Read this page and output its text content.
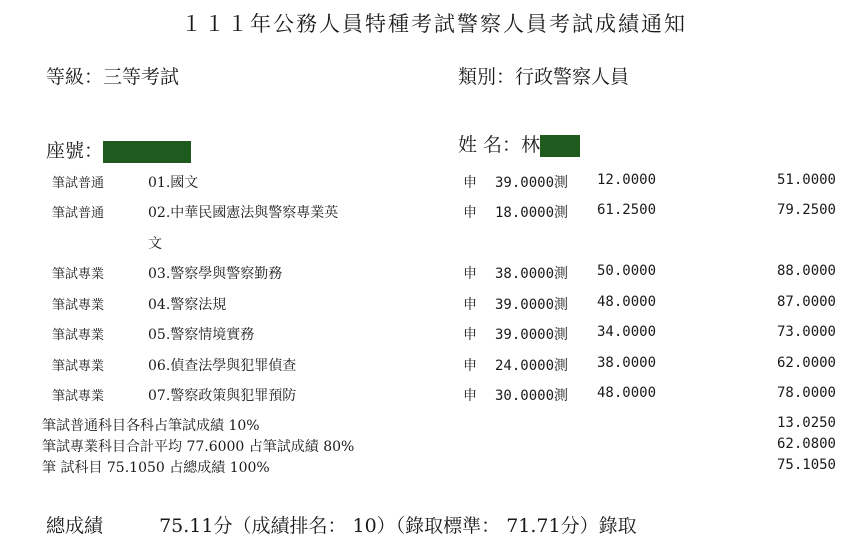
１１１年公務人員特種考試警察人員考試成績通知
等級：三等考試	類別：行政警察人員
座號：	姓 名：林
筆試普通	01.國文	申 39.0000測 12.0000	51.0000
筆試普通	02.中華民國憲法與警察專業英	申 18.0000測 61.2500	79.2500
文
筆試專業	03.警察學與警察勤務	申 38.0000測 50.0000	88.0000
筆試專業	04.警察法規	申 39.0000測 48.0000	87.0000
筆試專業	05.警察情境實務	申 39.0000測 34.0000	73.0000
筆試專業	06.偵查法學與犯罪偵查	申 24.0000測 38.0000	62.0000
筆試專業	07.警察政策與犯罪預防	申 30.0000測 48.0000	78.0000
筆試普通科目各科占筆試成績 10%	13.0250
筆試專業科目合計平均 77.6000 占筆試成績 80%	62.0800
筆 試科目 75.1050 占總成績 100%	75.1050
總成績	75.11分（成績排名： 10）（錄取標準： 71.71分）錄取
